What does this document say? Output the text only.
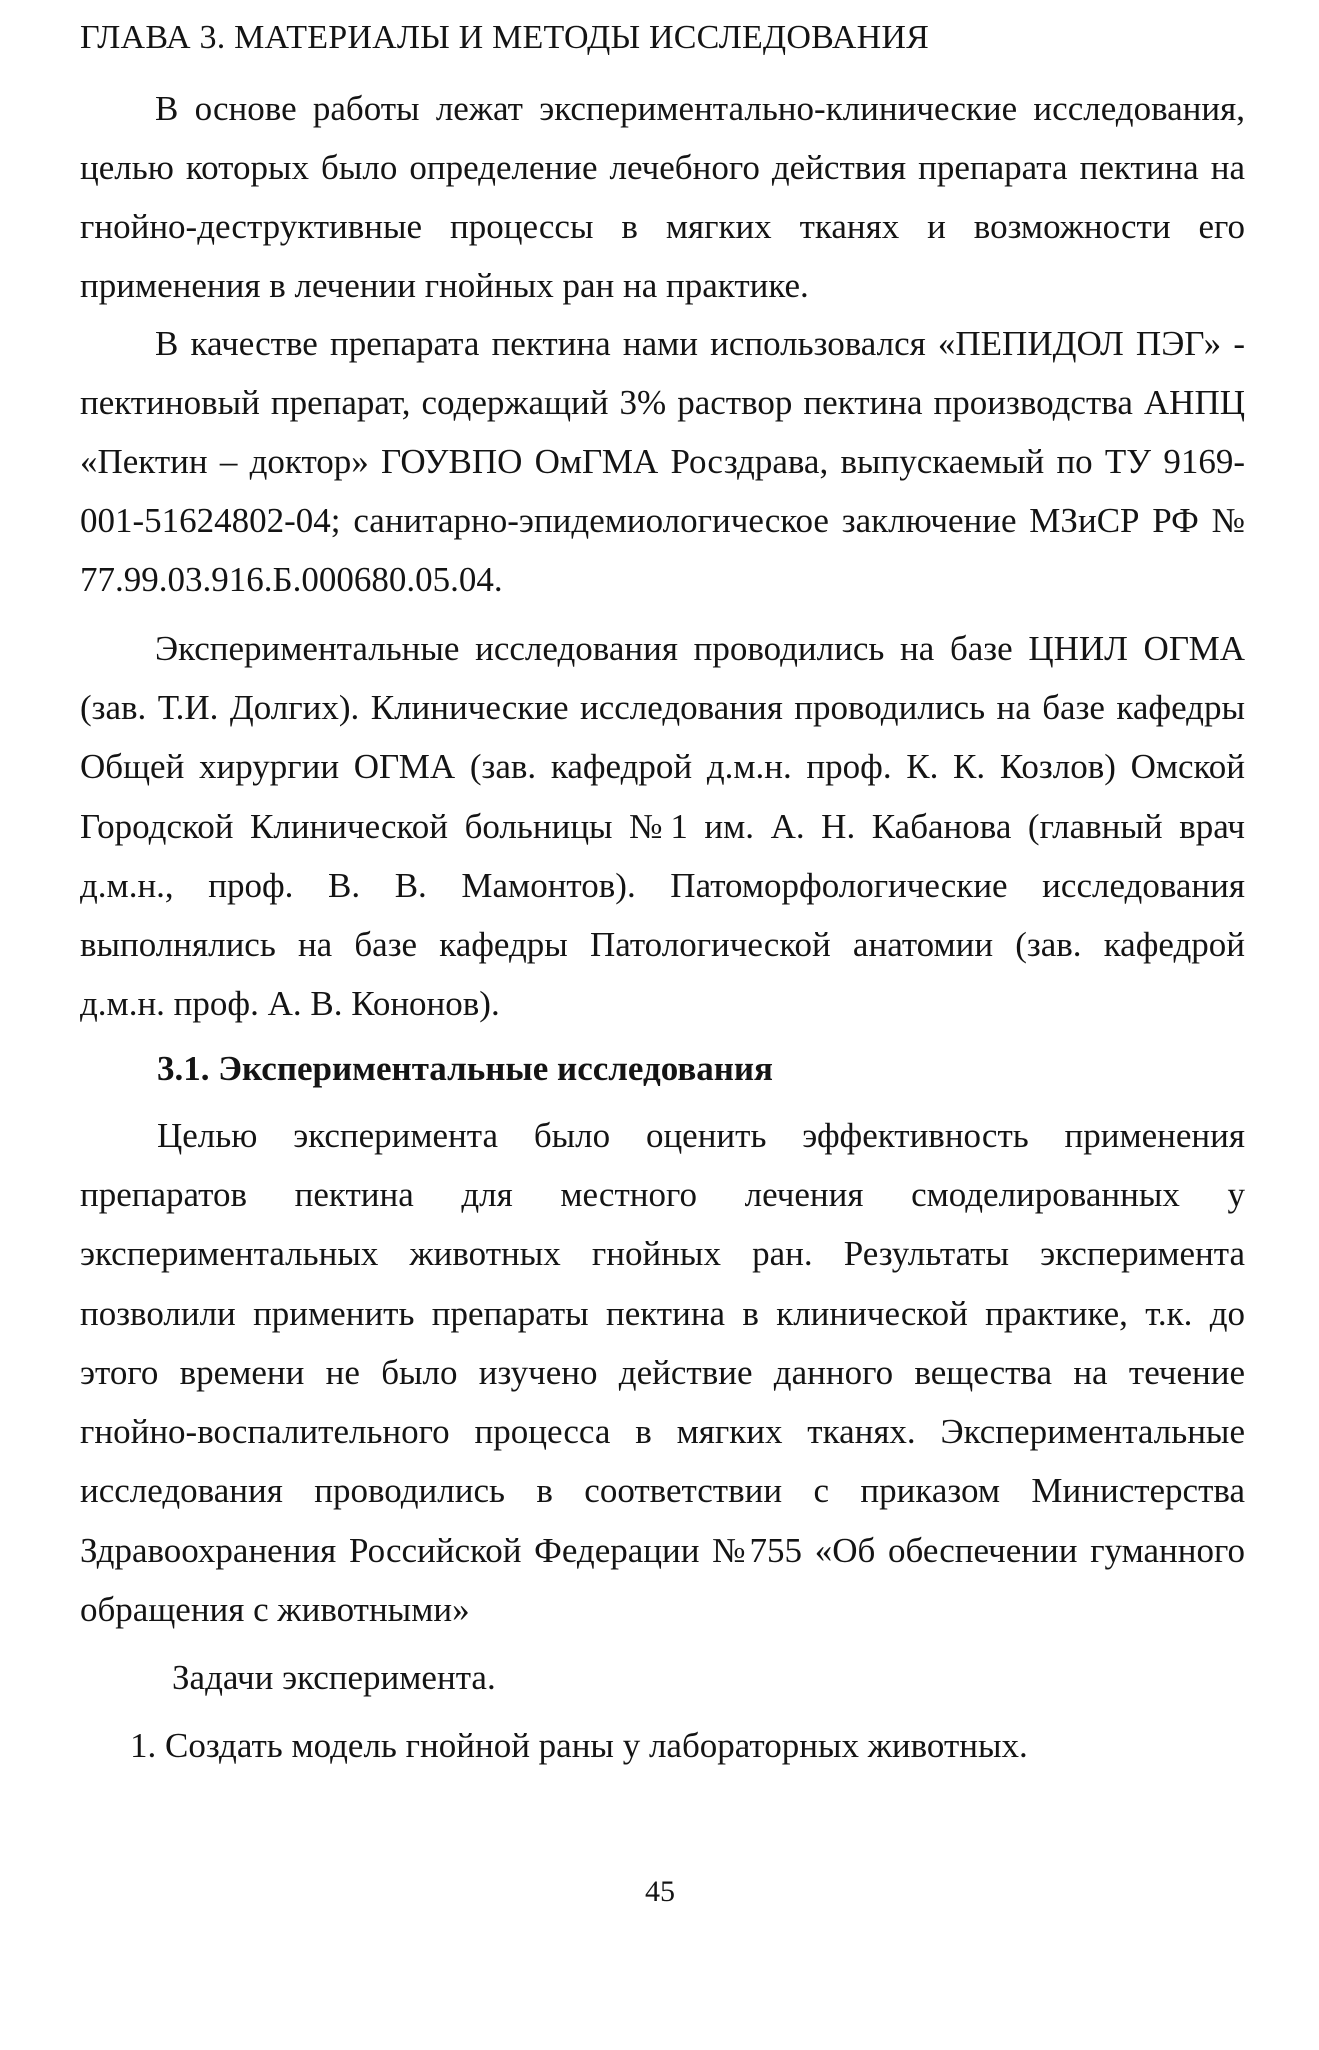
ГЛАВА 3. МАТЕРИАЛЫ И МЕТОДЫ ИССЛЕДОВАНИЯ

В основе работы лежат экспериментально-клинические исследования,

целью которых было определение лечебного действия препарата пектина на

гнойно-деструктивные процессы в мягких тканях и возможности его

применения в лечении гнойных ран на практике.

В качестве препарата пектина нами использовался «ПЕПИДОЛ ПЭГ» -

пектиновый препарат, содержащий 3% раствор пектина производства АНПЦ

«Пектин – доктор» ГОУВПО ОмГМА Росздрава, выпускаемый по ТУ 9169-

001-51624802-04; санитарно-эпидемиологическое заключение МЗиСР РФ №

77.99.03.916.Б.000680.05.04.

Экспериментальные исследования проводились на базе ЦНИЛ ОГМА

(зав. Т.И. Долгих). Клинические исследования проводились на базе кафедры

Общей хирургии ОГМА (зав. кафедрой д.м.н. проф. К. К. Козлов) Омской

Городской Клинической больницы №1 им. А. Н. Кабанова (главный врач

д.м.н., проф. В. В. Мамонтов). Патоморфологические исследования

выполнялись на базе кафедры Патологической анатомии (зав. кафедрой

д.м.н. проф. А. В. Кононов).

3.1. Экспериментальные исследования

Целью эксперимента было оценить эффективность применения

препаратов пектина для местного лечения смоделированных у

экспериментальных животных гнойных ран. Результаты эксперимента

позволили применить препараты пектина в клинической практике, т.к. до

этого времени не было изучено действие данного вещества на течение

гнойно-воспалительного процесса в мягких тканях. Экспериментальные

исследования проводились в соответствии с приказом Министерства

Здравоохранения Российской Федерации №755 «Об обеспечении гуманного

обращения с животными»

Задачи эксперимента.

1. Создать модель гнойной раны у лабораторных животных.

45
